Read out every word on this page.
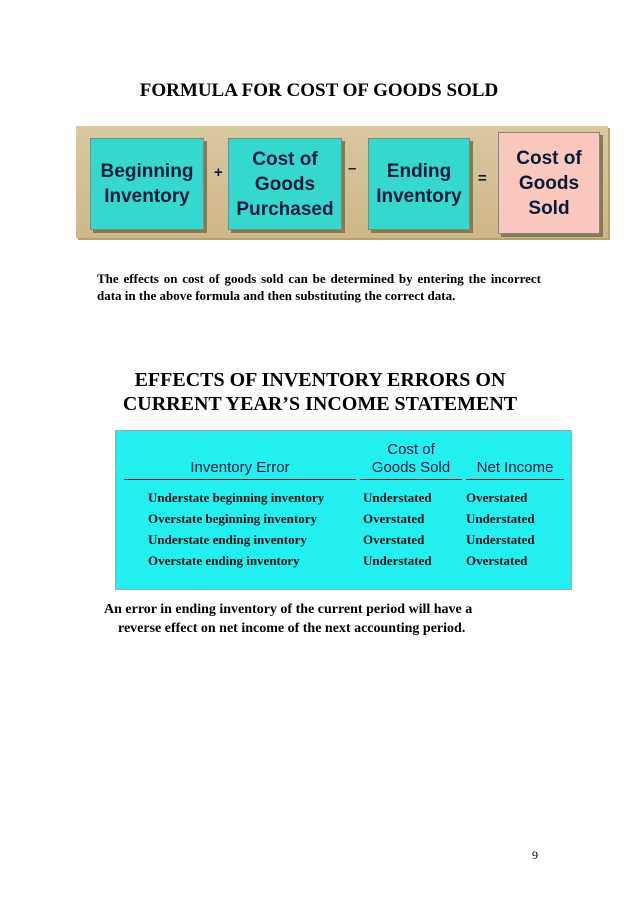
FORMULA FOR COST OF GOODS SOLD
Beginning
Inventory
+
Cost of
Goods
Purchased
–	Ending
Inventory
=
Cost of
Goods
Sold

The effects on cost of goods sold can be determined by entering the incorrect data in the above formula and then substituting the correct data.

EFFECTS OF INVENTORY ERRORS ON
CURRENT YEAR’S INCOME STATEMENT
Inventory Error
Cost of
Goods Sold	Net Income
Understate beginning inventory	Understated	Overstated
Overstate beginning inventory	Overstated	Understated
Understate ending inventory	Overstated	Understated
Overstate ending inventory	Understated	Overstated

An error in ending inventory of the current period will have a
reverse effect on net income of the next accounting period.

9
